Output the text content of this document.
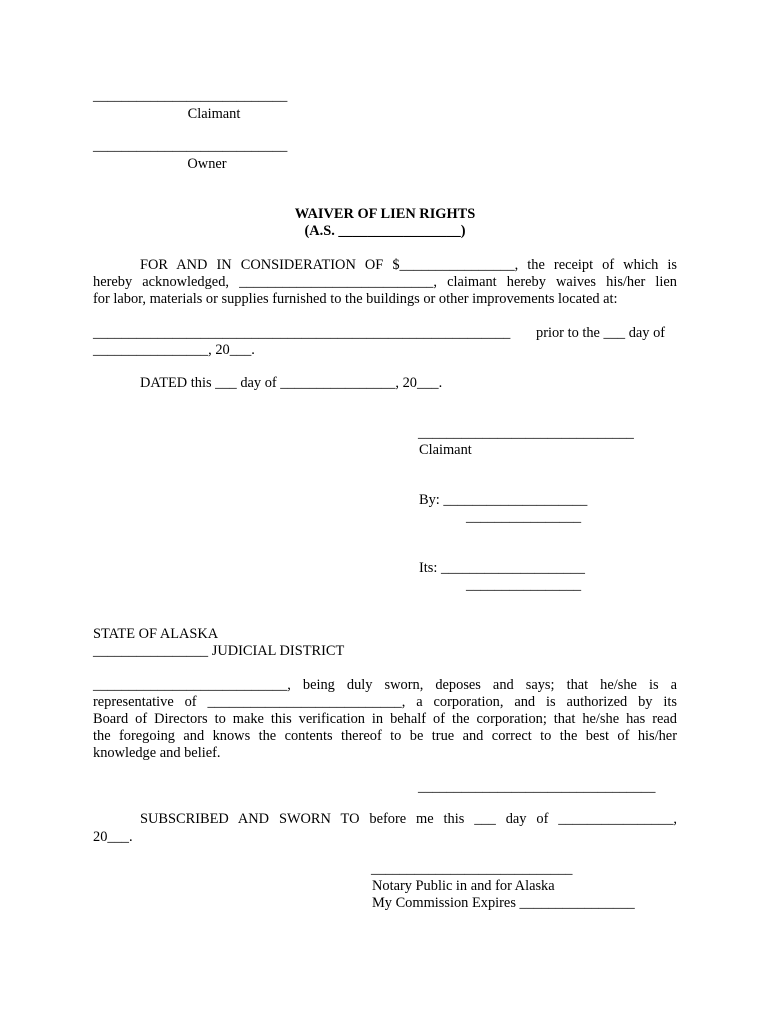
___________________________
Claimant
___________________________
Owner
WAIVER OF LIEN RIGHTS
(A.S. _________________)
FOR AND IN CONSIDERATION OF $________________, the receipt of which is
hereby acknowledged, ___________________________, claimant hereby waives his/her lien
for labor, materials or supplies furnished to the buildings or other improvements located at:
__________________________________________________________ prior to the ___ day of
________________, 20___.
DATED this ___ day of ________________, 20___.
______________________________
Claimant
By: ____________________
________________
Its: ____________________
________________
STATE OF ALASKA
________________ JUDICIAL DISTRICT
___________________________, being duly sworn, deposes and says; that he/she is a
representative of ___________________________, a corporation, and is authorized by its
Board of Directors to make this verification in behalf of the corporation; that he/she has read
the foregoing and knows the contents thereof to be true and correct to the best of his/her
knowledge and belief.
_________________________________
SUBSCRIBED AND SWORN TO before me this ___ day of ________________,
20___.
____________________________
Notary Public in and for Alaska
My Commission Expires ________________
